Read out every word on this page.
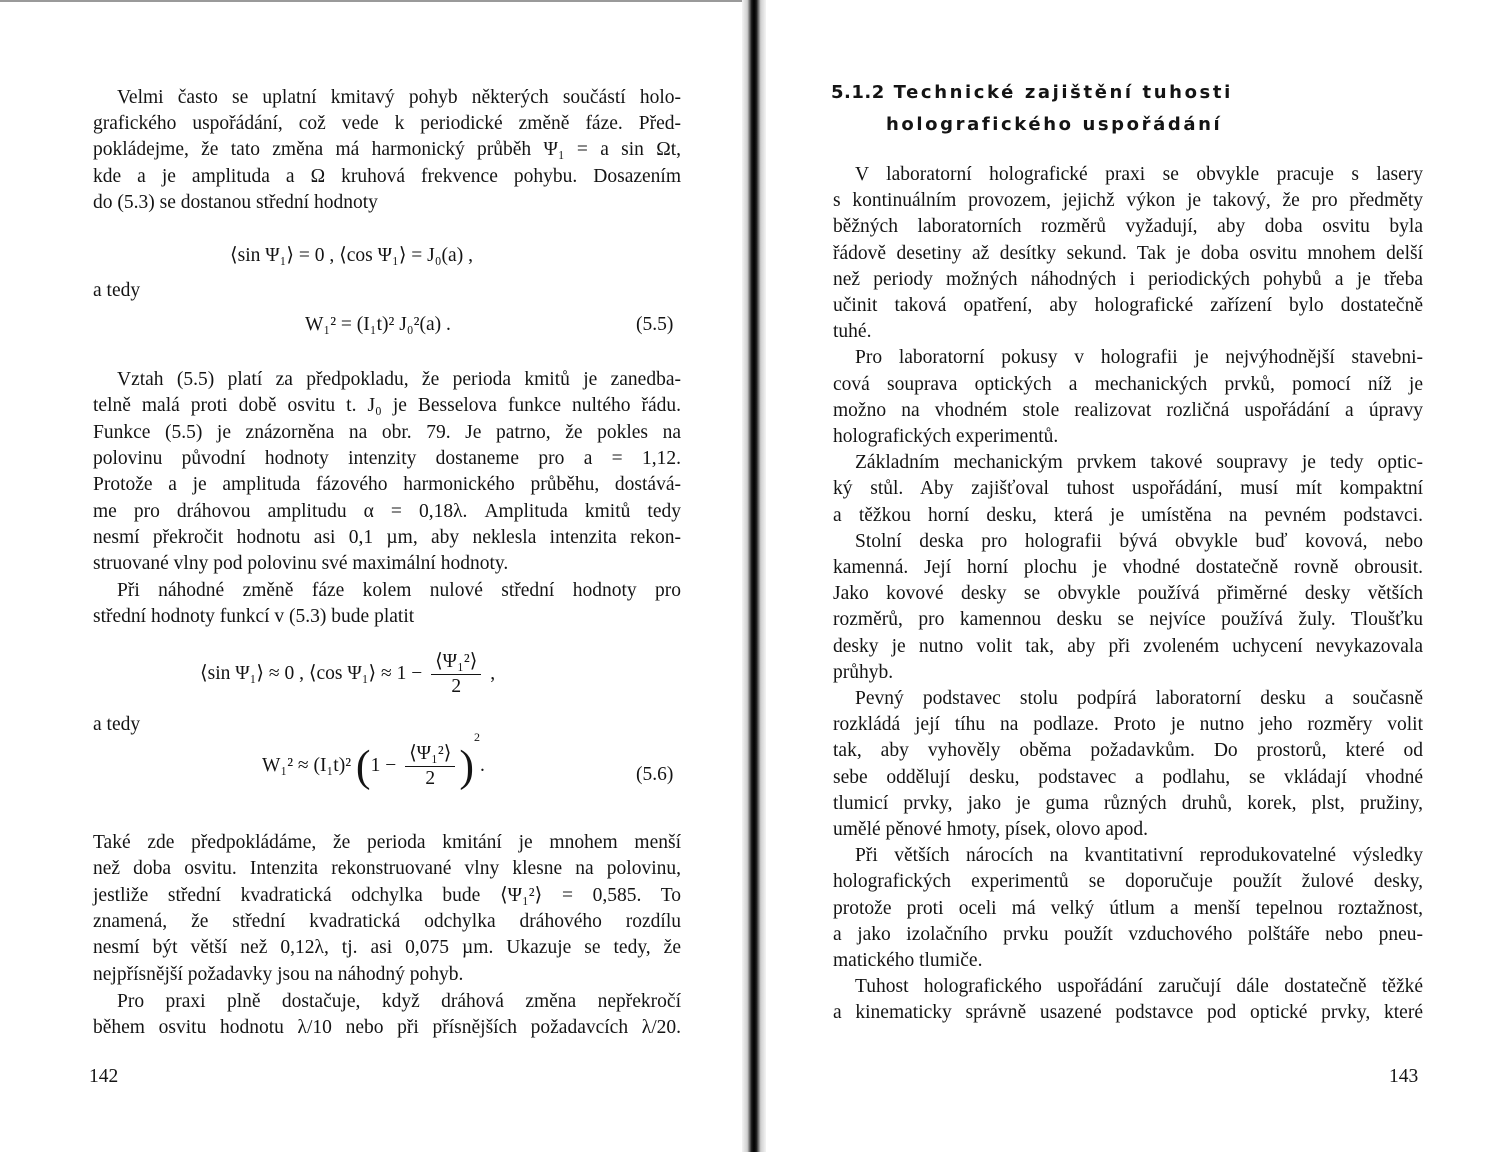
Velmi často se uplatní kmitavý pohyb některých součástí holo-
grafického uspořádání, což vede k periodické změně fáze. Před-
pokládejme, že tato změna má harmonický průběh Ψ₁ = a sin Ωt,
kde a je amplituda a Ω kruhová frekvence pohybu. Dosazením
do (5.3) se dostanou střední hodnoty
⟨sin Ψ₁⟩ = 0 , ⟨cos Ψ₁⟩ = J₀(a) ,
a tedy
W₁² = (I₁t)² J₀²(a) .	(5.5)
Vztah (5.5) platí za předpokladu, že perioda kmitů je zanedba-
telně malá proti době osvitu t. J₀ je Besselova funkce nultého řádu.
Funkce (5.5) je znázorněna na obr. 79. Je patrno, že pokles na
polovinu původní hodnoty intenzity dostaneme pro a = 1,12.
Protože a je amplituda fázového harmonického průběhu, dostává-
me pro dráhovou amplitudu α = 0,18λ. Amplituda kmitů tedy
nesmí překročit hodnotu asi 0,1 µm, aby neklesla intenzita rekon-
struované vlny pod polovinu své maximální hodnoty.
Při náhodné změně fáze kolem nulové střední hodnoty pro
střední hodnoty funkcí v (5.3) bude platit
⟨sin Ψ₁⟩ ≈ 0 , ⟨cos Ψ₁⟩ ≈ $1 - \frac{\text{⟨Ψ₁²⟩}}{2}$ ,
a tedy
W₁² ≈ (I₁t)² $(1 - \frac{\text{⟨Ψ₁²⟩}}{2} )^2$.	(5.6)
Také zde předpokládáme, že perioda kmitání je mnohem menší
než doba osvitu. Intenzita rekonstruované vlny klesne na polovinu,
jestliže střední kvadratická odchylka bude ⟨Ψ₁²⟩ = 0,585. To
znamená, že střední kvadratická odchylka dráhového rozdílu
nesmí být větší než 0,12λ, tj. asi 0,075 µm. Ukazuje se tedy, že
nejpřísnější požadavky jsou na náhodný pohyb.
Pro praxi plně dostačuje, když dráhová změna nepřekročí
během osvitu hodnotu λ/10 nebo při přísnějších požadavcích λ/20.
142
5.1.2 Technické zajištění tuhosti
holografického uspořádání
V laboratorní holografické praxi se obvykle pracuje s lasery
s kontinuálním provozem, jejichž výkon je takový, že pro předměty
běžných laboratorních rozměrů vyžadují, aby doba osvitu byla
řádově desetiny až desítky sekund. Tak je doba osvitu mnohem delší
než periody možných náhodných i periodických pohybů a je třeba
učinit taková opatření, aby holografické zařízení bylo dostatečně
tuhé.
Pro laboratorní pokusy v holografii je nejvýhodnější stavebni-
cová souprava optických a mechanických prvků, pomocí níž je
možno na vhodném stole realizovat rozličná uspořádání a úpravy
holografických experimentů.
Základním mechanickým prvkem takové soupravy je tedy optic-
ký stůl. Aby zajišťoval tuhost uspořádání, musí mít kompaktní
a těžkou horní desku, která je umístěna na pevném podstavci.
Stolní deska pro holografii bývá obvykle buď kovová, nebo
kamenná. Její horní plochu je vhodné dostatečně rovně obrousit.
Jako kovové desky se obvykle používá přiměrné desky větších
rozměrů, pro kamennou desku se nejvíce používá žuly. Tloušťku
desky je nutno volit tak, aby při zvoleném uchycení nevykazovala
průhyb.
Pevný podstavec stolu podpírá laboratorní desku a současně
rozkládá její tíhu na podlaze. Proto je nutno jeho rozměry volit
tak, aby vyhověly oběma požadavkům. Do prostorů, které od
sebe oddělují desku, podstavec a podlahu, se vkládají vhodné
tlumicí prvky, jako je guma různých druhů, korek, plst, pružiny,
umělé pěnové hmoty, písek, olovo apod.
Při větších nárocích na kvantitativní reprodukovatelné výsledky
holografických experimentů se doporučuje použít žulové desky,
protože proti oceli má velký útlum a menší tepelnou roztažnost,
a jako izolačního prvku použít vzduchového polštáře nebo pneu-
matického tlumiče.
Tuhost holografického uspořádání zaručují dále dostatečně těžké
a kinematicky správně usazené podstavce pod optické prvky, které
143
